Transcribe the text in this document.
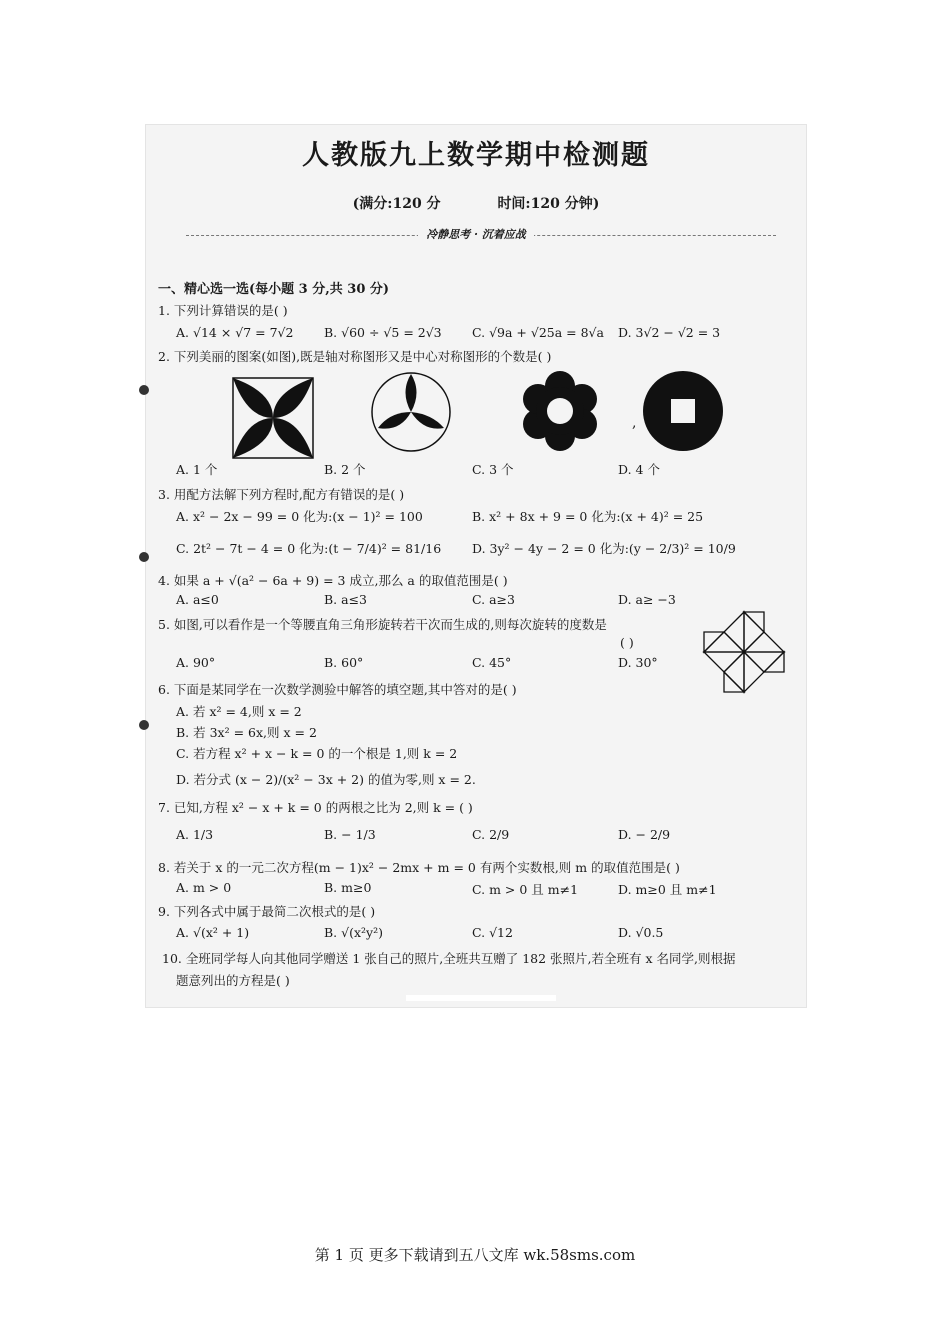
人教版九上数学期中检测题
(满分:120 分	时间:120 分钟)
冷静思考 · 沉着应战
一、精心选一选(每小题 3 分,共 30 分)
1. 下列计算错误的是( )
A. √14 × √7 = 7√2 B. √60 ÷ √5 = 2√3 C. √9a + √25a = 8√a D. 3√2 − √2 = 3
2. 下列美丽的图案(如图),既是轴对称图形又是中心对称图形的个数是( )
,
A. 1 个	B. 2 个	C. 3 个	D. 4 个
3. 用配方法解下列方程时,配方有错误的是( )
A. x² − 2x − 99 = 0 化为:(x − 1)² = 100	B. x² + 8x + 9 = 0 化为:(x + 4)² = 25
C. 2t² − 7t − 4 = 0 化为:(t − 7/4)² = 81/16 D. 3y² − 4y − 2 = 0 化为:(y − 2/3)² = 10/9
4. 如果 a + √(a² − 6a + 9) = 3 成立,那么 a 的取值范围是( )
A. a≤0	B. a≤3	C. a≥3	D. a≥ −3
5. 如图,可以看作是一个等腰直角三角形旋转若干次而生成的,则每次旋转的度数是
( )
A. 90°	B. 60°	C. 45°	D. 30°
6. 下面是某同学在一次数学测验中解答的填空题,其中答对的是( )
A. 若 x² = 4,则 x = 2
B. 若 3x² = 6x,则 x = 2
C. 若方程 x² + x − k = 0 的一个根是 1,则 k = 2
D. 若分式 (x − 2)/(x² − 3x + 2) 的值为零,则 x = 2.
7. 已知,方程 x² − x + k = 0 的两根之比为 2,则 k = ( )
A. 1/3	B. − 1/3	C. 2/9	D. − 2/9
8. 若关于 x 的一元二次方程(m − 1)x² − 2mx + m = 0 有两个实数根,则 m 的取值范围是( )
A. m > 0	B. m≥0	C. m > 0 且 m≠1	D. m≥0 且 m≠1
9. 下列各式中属于最简二次根式的是( )
A. √(x² + 1)	B. √(x²y²)	C. √12	D. √0.5
10. 全班同学每人向其他同学赠送 1 张自己的照片,全班共互赠了 182 张照片,若全班有 x 名同学,则根据
题意列出的方程是( )
第 1 页 更多下载请到五八文库 wk.58sms.com
